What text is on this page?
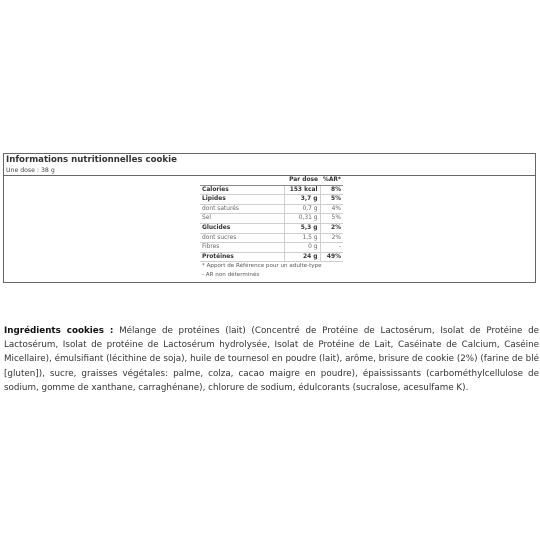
Informations nutritionnelles cookie
Une dose : 38 g
	Par dose	%AR*
Calories	153 kcal	8%
Lipides	3,7 g	5%
dont saturés	0,7 g	4%
Sel	0,31 g	5%
Glucides	5,3 g	2%
dont sucres	1,5 g	2%
Fibres	0 g	-
Protéines	24 g	49%
* Apport de Référence pour un adulte-type		
- AR non déterminés		

Ingrédients cookies : Mélange de protéines (lait) (Concentré de Protéine de Lactosérum, Isolat de Protéine de Lactosérum, Isolat de protéine de Lactosérum hydrolysée, Isolat de Protéine de Lait, Caséinate de Calcium, Caséine Micellaire), émulsifiant (lécithine de soja), huile de tournesol en poudre (lait), arôme, brisure de cookie (2%) (farine de blé [gluten]), sucre, graisses végétales: palme, colza, cacao maigre en poudre), épaississants (carbométhylcellulose de sodium, gomme de xanthane, carraghénane), chlorure de sodium, édulcorants (sucralose, acesulfame K).
